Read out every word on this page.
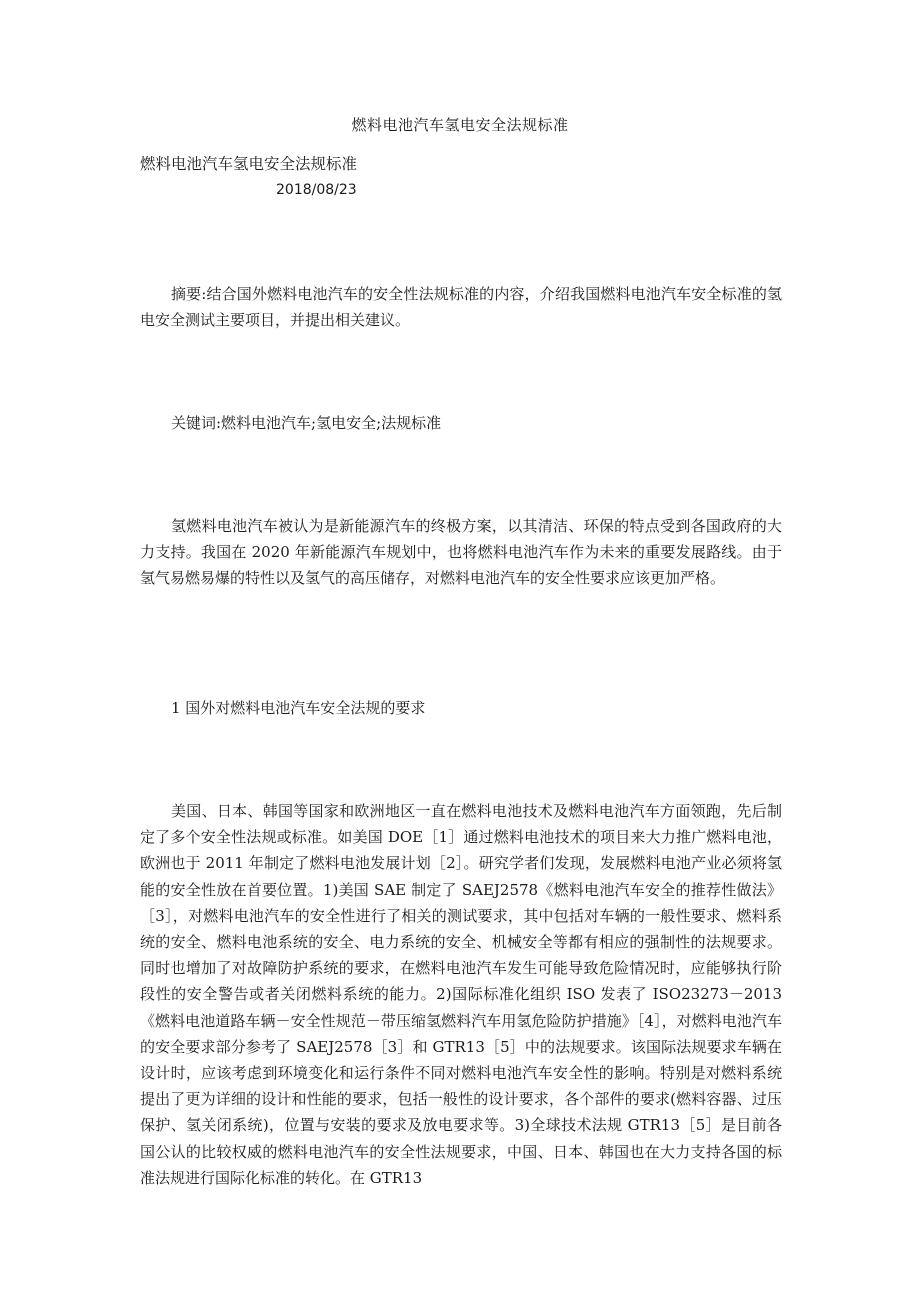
燃料电池汽车氢电安全法规标准
燃料电池汽车氢电安全法规标准
2018/08/23

摘要:结合国外燃料电池汽车的安全性法规标准的内容，介绍我国燃料电池汽车安全标准的氢电安全测试主要项目，并提出相关建议。

关键词:燃料电池汽车;氢电安全;法规标准

氢燃料电池汽车被认为是新能源汽车的终极方案，以其清洁、环保的特点受到各国政府的大力支持。我国在 2020 年新能源汽车规划中，也将燃料电池汽车作为未来的重要发展路线。由于氢气易燃易爆的特性以及氢气的高压储存，对燃料电池汽车的安全性要求应该更加严格。

1 国外对燃料电池汽车安全法规的要求

美国、日本、韩国等国家和欧洲地区一直在燃料电池技术及燃料电池汽车方面领跑，先后制定了多个安全性法规或标准。如美国 DOE［1］通过燃料电池技术的项目来大力推广燃料电池，欧洲也于 2011 年制定了燃料电池发展计划［2］。研究学者们发现，发展燃料电池产业必须将氢能的安全性放在首要位置。1)美国 SAE 制定了 SAEJ2578《燃料电池汽车安全的推荐性做法》［3］，对燃料电池汽车的安全性进行了相关的测试要求，其中包括对车辆的一般性要求、燃料系统的安全、燃料电池系统的安全、电力系统的安全、机械安全等都有相应的强制性的法规要求。同时也增加了对故障防护系统的要求，在燃料电池汽车发生可能导致危险情况时，应能够执行阶段性的安全警告或者关闭燃料系统的能力。2)国际标准化组织 ISO 发表了 ISO23273－2013《燃料电池道路车辆－安全性规范－带压缩氢燃料汽车用氢危险防护措施》［4］，对燃料电池汽车的安全要求部分参考了 SAEJ2578［3］和 GTR13［5］中的法规要求。该国际法规要求车辆在设计时，应该考虑到环境变化和运行条件不同对燃料电池汽车安全性的影响。特别是对燃料系统提出了更为详细的设计和性能的要求，包括一般性的设计要求，各个部件的要求(燃料容器、过压保护、氢关闭系统)，位置与安装的要求及放电要求等。3)全球技术法规 GTR13［5］是目前各国公认的比较权威的燃料电池汽车的安全性法规要求，中国、日本、韩国也在大力支持各国的标准法规进行国际化标准的转化。在 GTR13
